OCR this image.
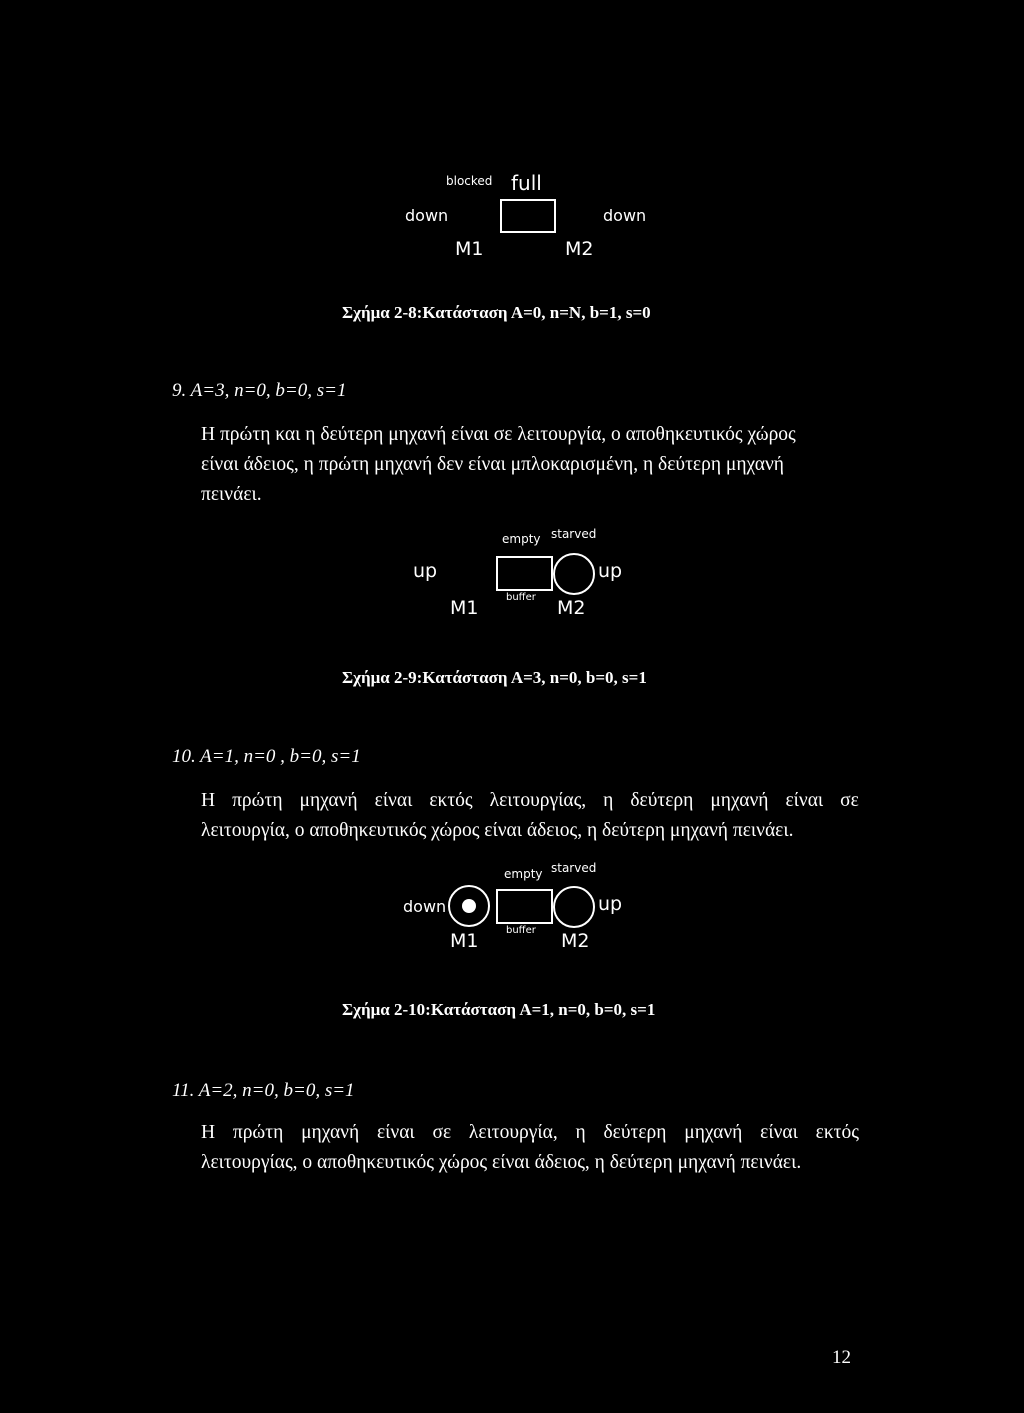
blocked full
down	down
M1	M2
Σχήμα 2-8:Κατάσταση Α=0, n=N, b=1, s=0
9. Α=3, n=0, b=0, s=1
Η πρώτη και η δεύτερη μηχανή είναι σε λειτουργία, ο αποθηκευτικός χώρος
είναι άδειος, η πρώτη μηχανή δεν είναι μπλοκαρισμένη, η δεύτερη μηχανή
πεινάει.
empty starved
up	up
M1	buffer M2
Σχήμα 2-9:Κατάσταση Α=3, n=0, b=0, s=1
10. Α=1, n=0 , b=0, s=1
Η πρώτη μηχανή είναι εκτός λειτουργίας, η δεύτερη μηχανή είναι σε
λειτουργία, ο αποθηκευτικός χώρος είναι άδειος, η δεύτερη μηχανή πεινάει.
empty starved
down	up
M1	buffer M2
Σχήμα 2-10:Κατάσταση Α=1, n=0, b=0, s=1
11. Α=2, n=0, b=0, s=1
Η πρώτη μηχανή είναι σε λειτουργία, η δεύτερη μηχανή είναι εκτός
λειτουργίας, ο αποθηκευτικός χώρος είναι άδειος, η δεύτερη μηχανή πεινάει.
12
